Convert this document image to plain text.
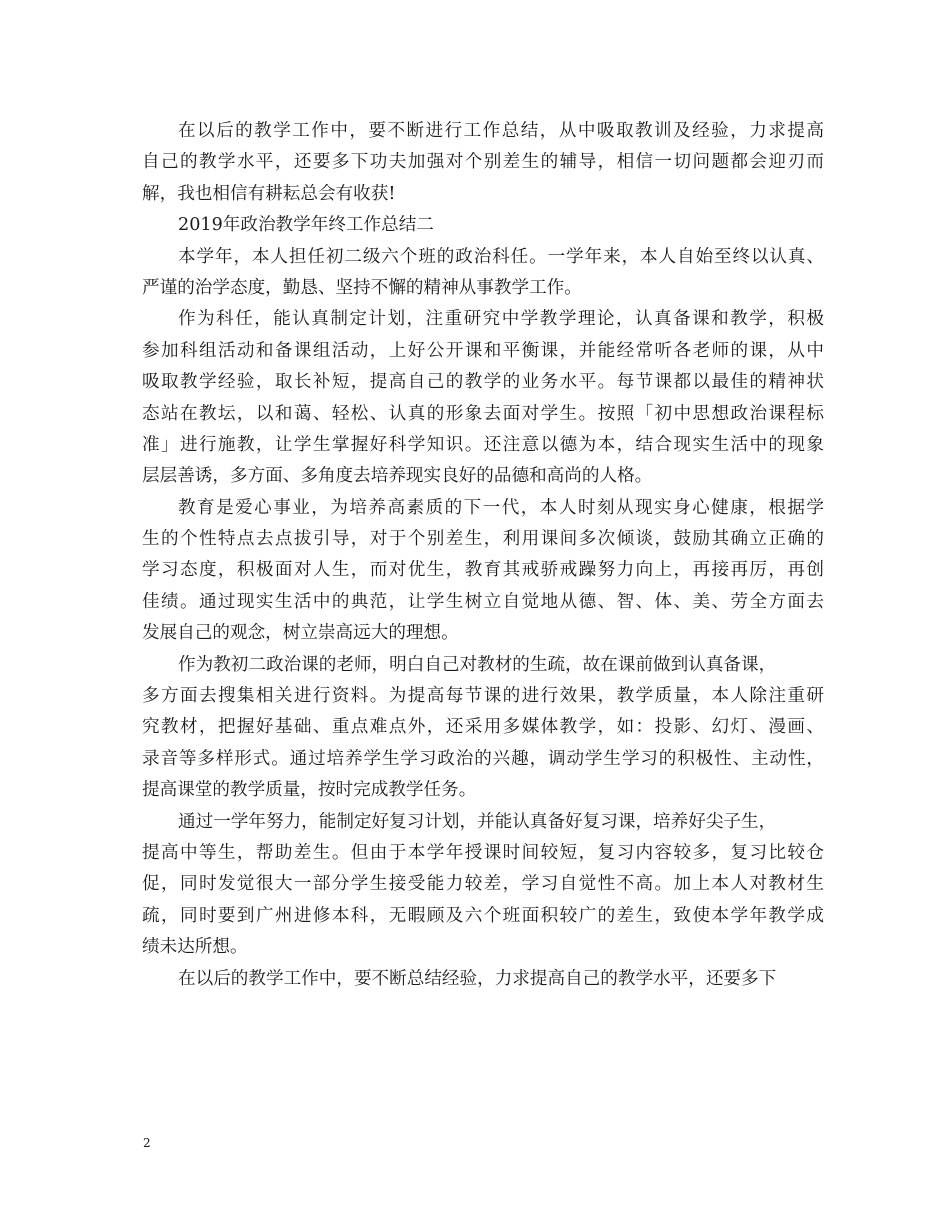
在以后的教学工作中，要不断进行工作总结，从中吸取教训及经验，力求提高
自己的教学水平，还要多下功夫加强对个别差生的辅导，相信一切问题都会迎刃而
解，我也相信有耕耘总会有收获!
2019年政治教学年终工作总结二
本学年，本人担任初二级六个班的政治科任。一学年来，本人自始至终以认真、
严谨的治学态度，勤恳、坚持不懈的精神从事教学工作。
作为科任，能认真制定计划，注重研究中学教学理论，认真备课和教学，积极
参加科组活动和备课组活动，上好公开课和平衡课，并能经常听各老师的课，从中
吸取教学经验，取长补短，提高自己的教学的业务水平。每节课都以最佳的精神状
态站在教坛，以和蔼、轻松、认真的形象去面对学生。按照「初中思想政治课程标
准」进行施教，让学生掌握好科学知识。还注意以德为本，结合现实生活中的现象
层层善诱，多方面、多角度去培养现实良好的品德和高尚的人格。
教育是爱心事业，为培养高素质的下一代，本人时刻从现实身心健康，根据学
生的个性特点去点拔引导，对于个别差生，利用课间多次倾谈，鼓励其确立正确的
学习态度，积极面对人生，而对优生，教育其戒骄戒躁努力向上，再接再厉，再创
佳绩。通过现实生活中的典范，让学生树立自觉地从德、智、体、美、劳全方面去
发展自己的观念，树立崇高远大的理想。
作为教初二政治课的老师，明白自己对教材的生疏，故在课前做到认真备课，
多方面去搜集相关进行资料。为提高每节课的进行效果，教学质量，本人除注重研
究教材，把握好基础、重点难点外，还采用多媒体教学，如：投影、幻灯、漫画、
录音等多样形式。通过培养学生学习政治的兴趣，调动学生学习的积极性、主动性，
提高课堂的教学质量，按时完成教学任务。
通过一学年努力，能制定好复习计划，并能认真备好复习课，培养好尖子生，
提高中等生，帮助差生。但由于本学年授课时间较短，复习内容较多，复习比较仓
促，同时发觉很大一部分学生接受能力较差，学习自觉性不高。加上本人对教材生
疏，同时要到广州进修本科，无暇顾及六个班面积较广的差生，致使本学年教学成
绩未达所想。
在以后的教学工作中，要不断总结经验，力求提高自己的教学水平，还要多下
2
